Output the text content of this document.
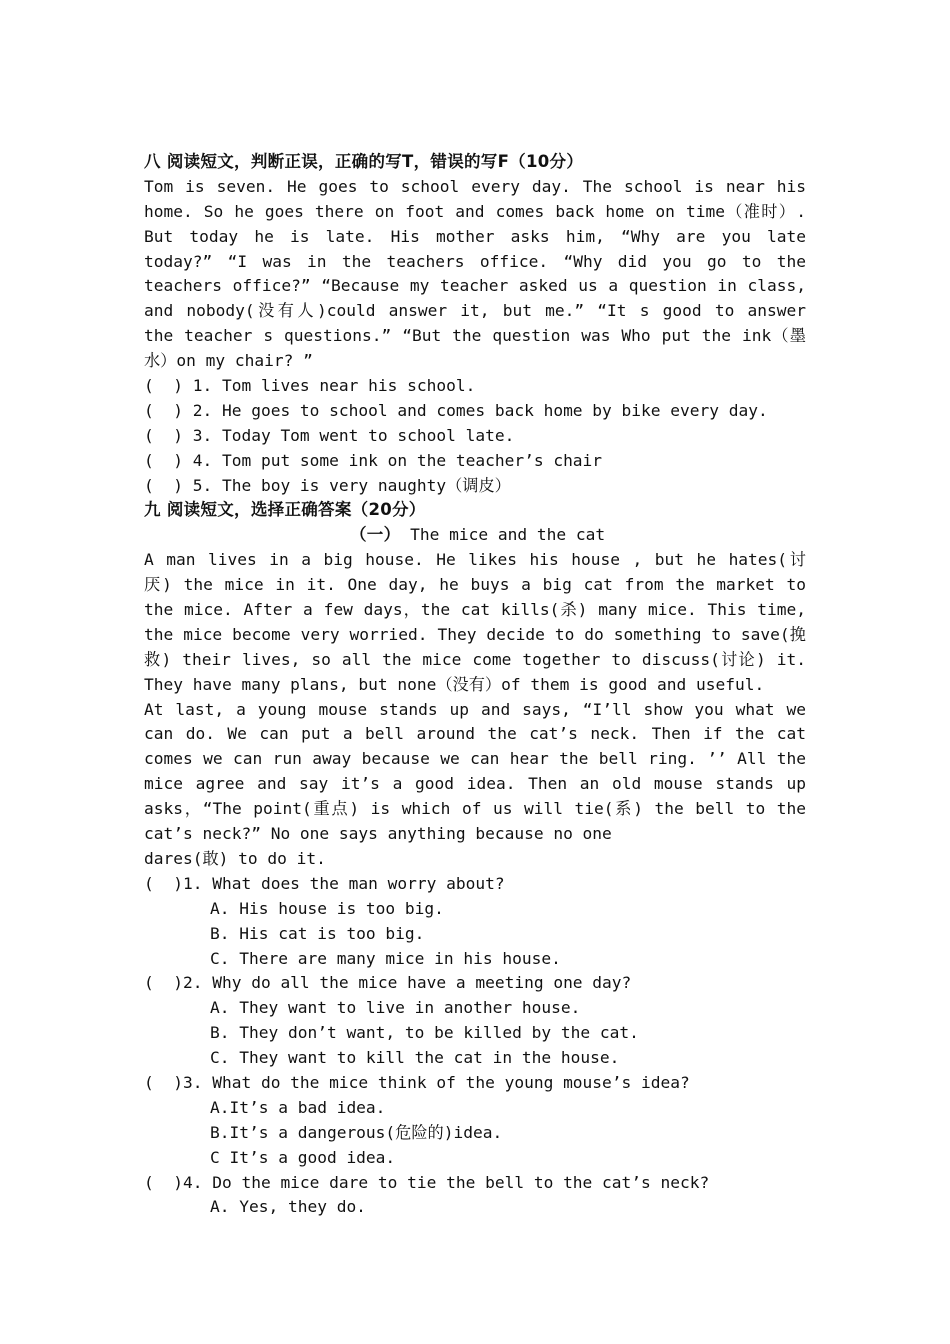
八 阅读短文，判断正误，正确的写T，错误的写F（10分）
Tom is seven. He goes to school every day. The school is near his
home. So he goes there on foot and comes back home on time（准时）.
But today he is late. His mother asks him, “Why are you late
today?” “I was in the teachers office. “Why did you go to the
teachers office?” “Because my teacher asked us a question in class,
and nobody(没有人)could answer it, but me.” “It s good to answer
the teacher s questions.” “But the question was Who put the ink（墨
水）on my chair? ”
(  ) 1. Tom lives near his school.
(  ) 2. He goes to school and comes back home by bike every day.
(  ) 3. Today Tom went to school late.
(  ) 4. Tom put some ink on the teacher’s chair
(  ) 5. The boy is very naughty（调皮）
九 阅读短文，选择正确答案（20分）
（一） The mice and the cat
A man lives in a big house. He likes his house , but he hates(讨
厌) the mice in it. One day, he buys a big cat from the market to
the mice. After a few days，the cat kills(杀) many mice. This time,
the mice become very worried. They decide to do something to save(挽
救) their lives, so all the mice come together to discuss(讨论) it.
They have many plans, but none（没有）of them is good and useful.
At last, a young mouse stands up and says, “I’ll show you what we
can do. We can put a bell around the cat’s neck. Then if the cat
comes we can run away because we can hear the bell ring. ’’ All the
mice agree and say it’s a good idea. Then an old mouse stands up
asks，“The point(重点) is which of us will tie(系) the bell to the
cat’s neck?” No one says anything because no one
dares(敢) to do it.
(  )1. What does the man worry about?
A. His house is too big.
B. His cat is too big.
C. There are many mice in his house.
(  )2. Why do all the mice have a meeting one day?
A. They want to live in another house.
B. They don’t want, to be killed by the cat.
C. They want to kill the cat in the house.
(  )3. What do the mice think of the young mouse’s idea?
A.It’s a bad idea.
B.It’s a dangerous(危险的)idea.
C It’s a good idea.
(  )4. Do the mice dare to tie the bell to the cat’s neck?
A. Yes, they do.
